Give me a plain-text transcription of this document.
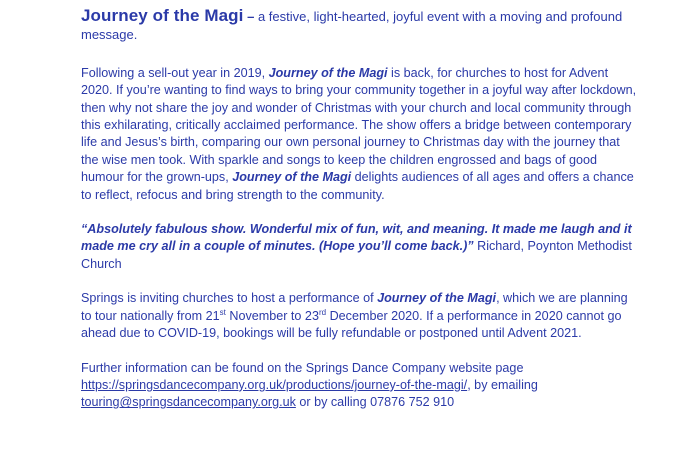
Journey of the Magi – a festive, light-hearted, joyful event with a moving and profound message.

Following a sell-out year in 2019, Journey of the Magi is back, for churches to host for Advent 2020. If you’re wanting to find ways to bring your community together in a joyful way after lockdown, then why not share the joy and wonder of Christmas with your church and local community through this exhilarating, critically acclaimed performance. The show offers a bridge between contemporary life and Jesus’s birth, comparing our own personal journey to Christmas day with the journey that the wise men took. With sparkle and songs to keep the children engrossed and bags of good humour for the grown-ups, Journey of the Magi delights audiences of all ages and offers a chance to reflect, refocus and bring strength to the community.

“Absolutely fabulous show. Wonderful mix of fun, wit, and meaning. It made me laugh and it made me cry all in a couple of minutes. (Hope you’ll come back.)” Richard, Poynton Methodist Church

Springs is inviting churches to host a performance of Journey of the Magi, which we are planning to tour nationally from 21st November to 23rd December 2020. If a performance in 2020 cannot go ahead due to COVID-19, bookings will be fully refundable or postponed until Advent 2021.

Further information can be found on the Springs Dance Company website page https://springsdancecompany.org.uk/productions/journey-of-the-magi/, by emailing touring@springsdancecompany.org.uk or by calling 07876 752 910
